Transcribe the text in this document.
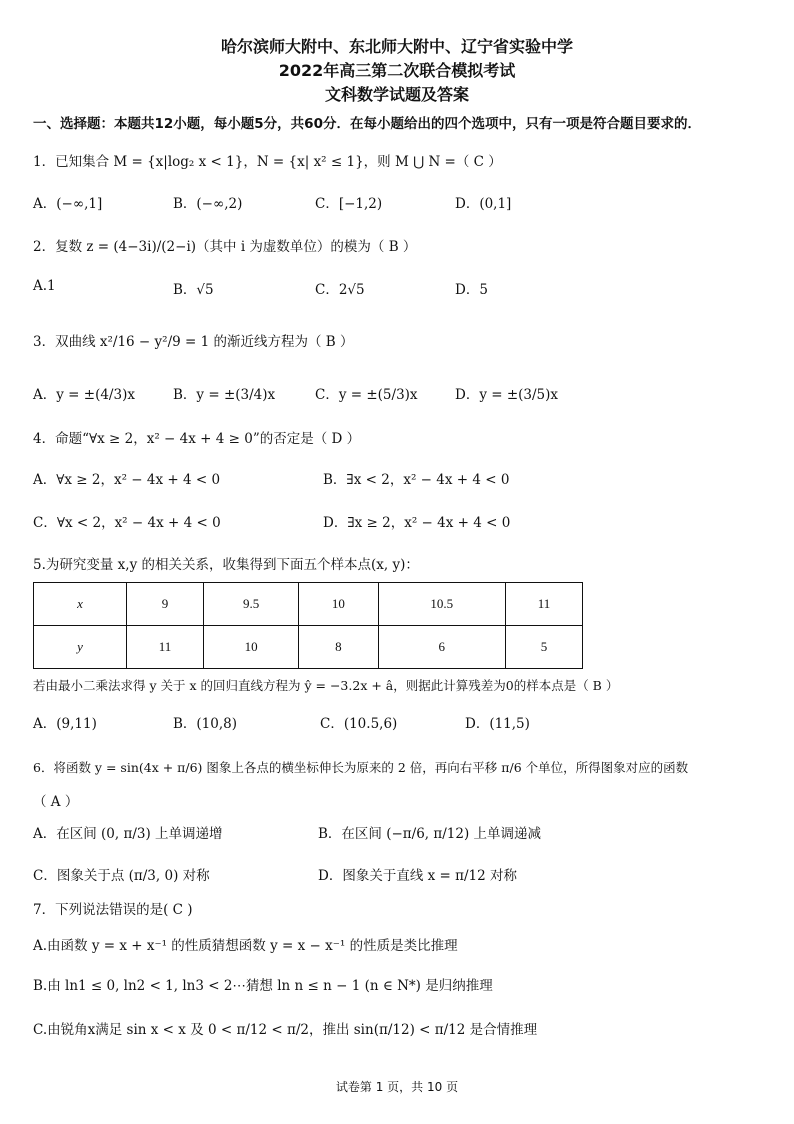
哈尔滨师大附中、东北师大附中、辽宁省实验中学
2022年高三第二次联合模拟考试
文科数学试题及答案
一、选择题：本题共12小题，每小题5分，共60分．在每小题给出的四个选项中，只有一项是符合题目要求的．
1．已知集合 M = {x|log₂ x < 1}，N = {x| x² ≤ 1}，则 M ⋃ N =（ C ）
A．(−∞,1]	B．(−∞,2)	C．[−1,2)	D．(0,1]
2．复数 z = (4−3i)/(2−i)（其中 i 为虚数单位）的模为（ B ）
A.1	B．√5	C．2√5	D．5
3．双曲线 x²/16 − y²/9 = 1 的渐近线方程为（ B ）
A．y = ±(4/3)x	B．y = ±(3/4)x	C．y = ±(5/3)x	D．y = ±(3/5)x
4．命题“∀x ≥ 2，x² − 4x + 4 ≥ 0”的否定是（ D ）
A．∀x ≥ 2，x² − 4x + 4 < 0	B．∃x < 2，x² − 4x + 4 < 0
C．∀x < 2，x² − 4x + 4 < 0	D．∃x ≥ 2，x² − 4x + 4 < 0
5.为研究变量 x,y 的相关关系，收集得到下面五个样本点(x, y)：
x	9	9.5	10	10.5	11
y	11	10	8	6	5
若由最小二乘法求得 y 关于 x 的回归直线方程为 ŷ = −3.2x + â，则据此计算残差为0的样本点是（ B ）
A．(9,11)	B．(10,8)	C．(10.5,6)	D．(11,5)
6．将函数 y = sin(4x + π/6) 图象上各点的横坐标伸长为原来的 2 倍，再向右平移 π/6 个单位，所得图象对应的函数
（ A ）
A．在区间 (0, π/3) 上单调递增	B．在区间 (−π/6, π/12) 上单调递减
C．图象关于点 (π/3, 0) 对称	D．图象关于直线 x = π/12 对称
7．下列说法错误的是( C )
A.由函数 y = x + x⁻¹ 的性质猜想函数 y = x − x⁻¹ 的性质是类比推理
B.由 ln1 ≤ 0, ln2 < 1, ln3 < 2⋯猜想 ln n ≤ n − 1 (n ∈ N*) 是归纳推理
C.由锐角x满足 sin x < x 及 0 < π/12 < π/2，推出 sin(π/12) < π/12 是合情推理
试卷第 1 页，共 10 页
